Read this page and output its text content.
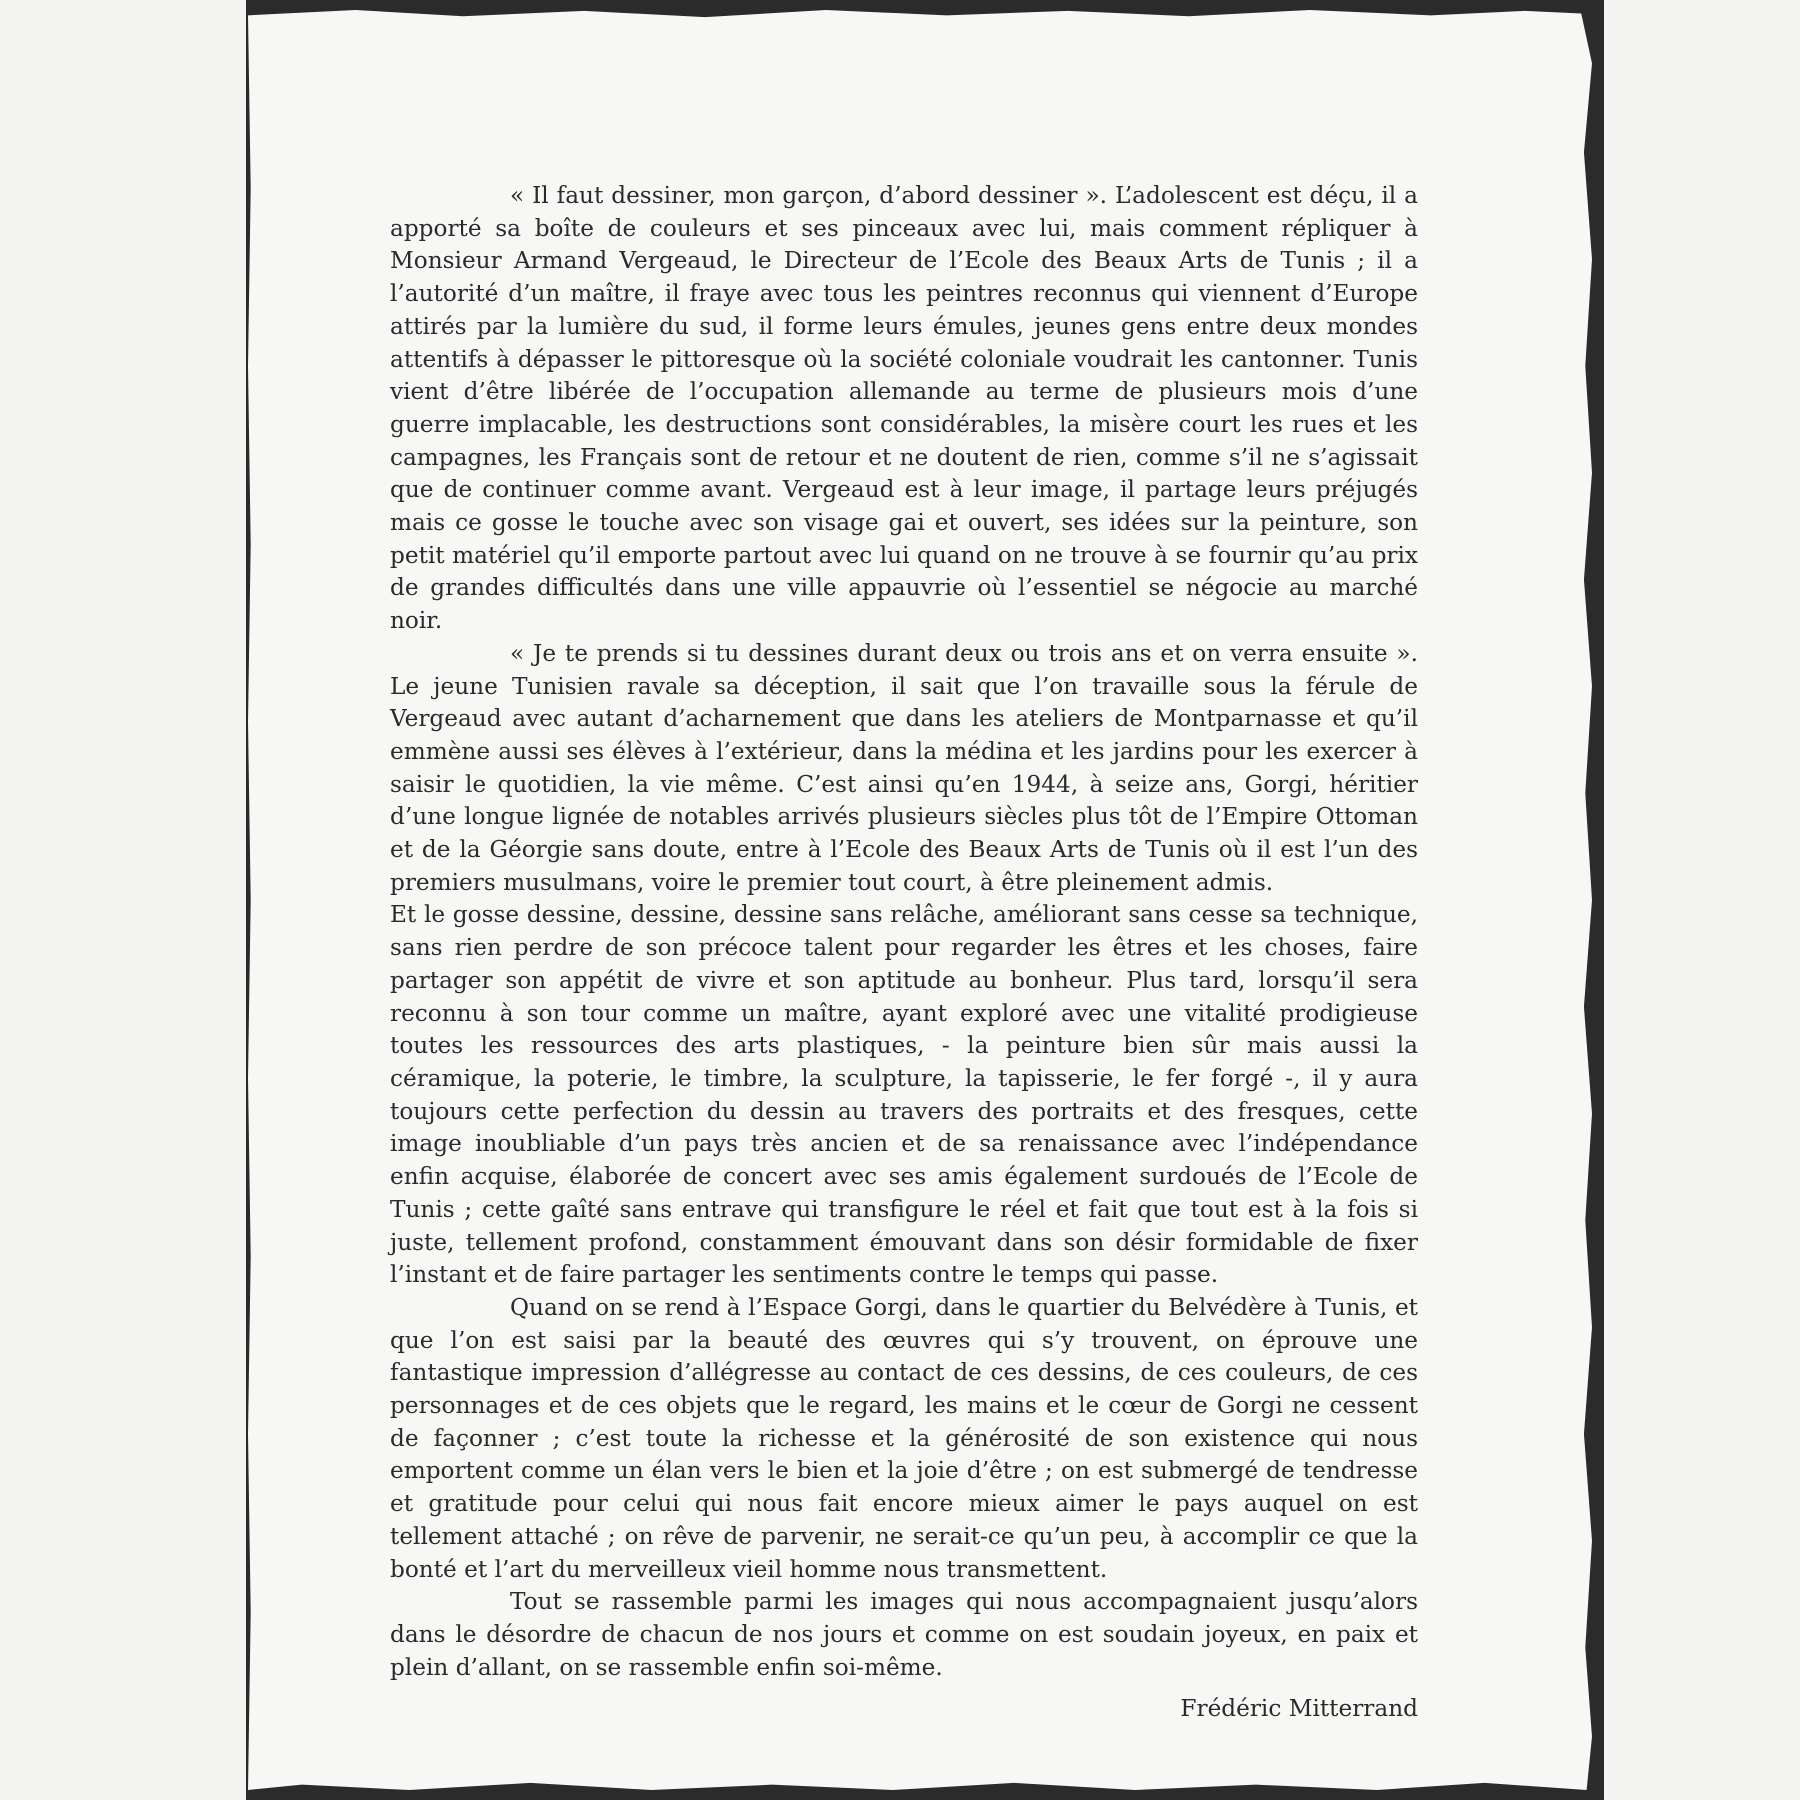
« Il faut dessiner, mon garçon, d’abord dessiner ». L’adolescent est déçu, il a apporté sa boîte de couleurs et ses pinceaux avec lui, mais comment répliquer à Monsieur Armand Vergeaud, le Directeur de l’Ecole des Beaux Arts de Tunis ; il a l’autorité d’un maître, il fraye avec tous les peintres reconnus qui viennent d’Europe attirés par la lumière du sud, il forme leurs émules, jeunes gens entre deux mondes attentifs à dépasser le pittoresque où la société coloniale voudrait les cantonner. Tunis vient d’être libérée de l’occupation allemande au terme de plusieurs mois d’une guerre implacable, les destructions sont considérables, la misère court les rues et les campagnes, les Français sont de retour et ne doutent de rien, comme s’il ne s’agissait que de continuer comme avant. Vergeaud est à leur image, il partage leurs préjugés mais ce gosse le touche avec son visage gai et ouvert, ses idées sur la peinture, son petit matériel qu’il emporte partout avec lui quand on ne trouve à se fournir qu’au prix de grandes difficultés dans une ville appauvrie où l’essentiel se négocie au marché noir.

« Je te prends si tu dessines durant deux ou trois ans et on verra ensuite ». Le jeune Tunisien ravale sa déception, il sait que l’on travaille sous la férule de Vergeaud avec autant d’acharnement que dans les ateliers de Montparnasse et qu’il emmène aussi ses élèves à l’extérieur, dans la médina et les jardins pour les exercer à saisir le quotidien, la vie même. C’est ainsi qu’en 1944, à seize ans, Gorgi, héritier d’une longue lignée de notables arrivés plusieurs siècles plus tôt de l’Empire Ottoman et de la Géorgie sans doute, entre à l’Ecole des Beaux Arts de Tunis où il est l’un des premiers musulmans, voire le premier tout court, à être pleinement admis.

Et le gosse dessine, dessine, dessine sans relâche, améliorant sans cesse sa technique, sans rien perdre de son précoce talent pour regarder les êtres et les choses, faire partager son appétit de vivre et son aptitude au bonheur. Plus tard, lorsqu’il sera reconnu à son tour comme un maître, ayant exploré avec une vitalité prodigieuse toutes les ressources des arts plastiques, - la peinture bien sûr mais aussi la céramique, la poterie, le timbre, la sculpture, la tapisserie, le fer forgé -, il y aura toujours cette perfection du dessin au travers des portraits et des fresques, cette image inoubliable d’un pays très ancien et de sa renaissance avec l’indépendance enfin acquise, élaborée de concert avec ses amis également surdoués de l’Ecole de Tunis ; cette gaîté sans entrave qui transfigure le réel et fait que tout est à la fois si juste, tellement profond, constamment émouvant dans son désir formidable de fixer l’instant et de faire partager les sentiments contre le temps qui passe.

Quand on se rend à l’Espace Gorgi, dans le quartier du Belvédère à Tunis, et que l’on est saisi par la beauté des œuvres qui s’y trouvent, on éprouve une fantastique impression d’allégresse au contact de ces dessins, de ces couleurs, de ces personnages et de ces objets que le regard, les mains et le cœur de Gorgi ne cessent de façonner ; c’est toute la richesse et la générosité de son existence qui nous emportent comme un élan vers le bien et la joie d’être ; on est submergé de tendresse et gratitude pour celui qui nous fait encore mieux aimer le pays auquel on est tellement attaché ; on rêve de parvenir, ne serait-ce qu’un peu, à accomplir ce que la bonté et l’art du merveilleux vieil homme nous transmettent.

Tout se rassemble parmi les images qui nous accompagnaient jusqu’alors dans le désordre de chacun de nos jours et comme on est soudain joyeux, en paix et plein d’allant, on se rassemble enfin soi-même.

Frédéric Mitterrand
